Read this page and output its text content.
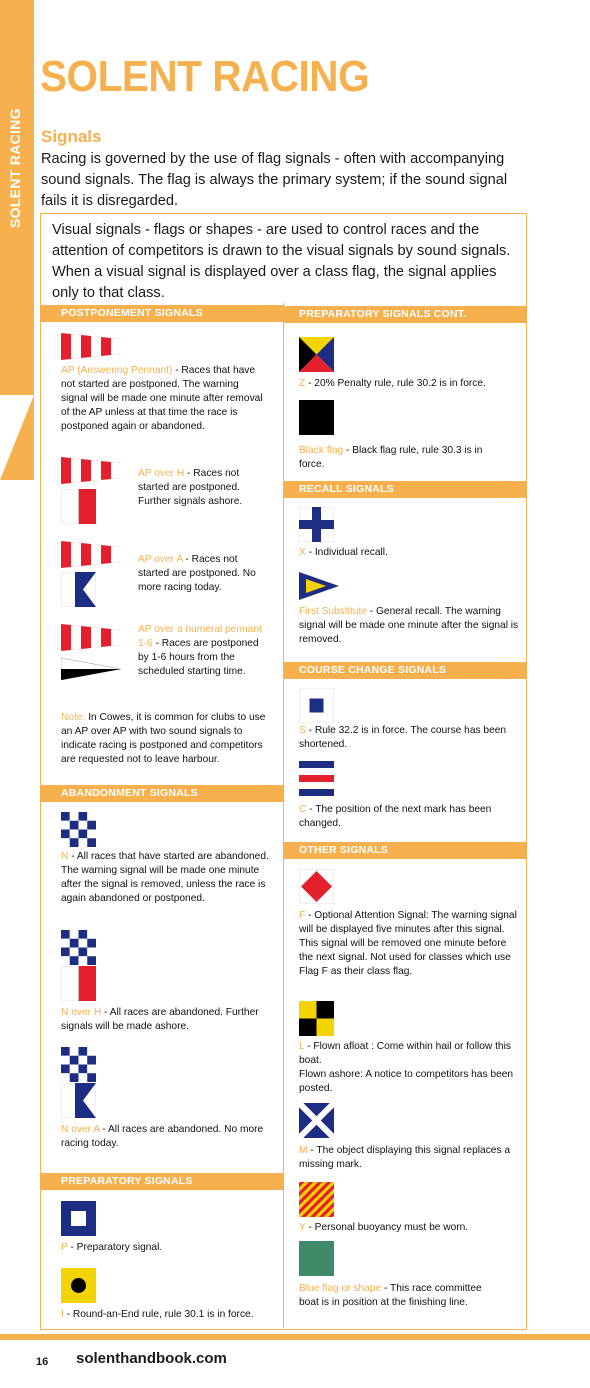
SOLENT RACING
SOLENT RACING
Signals
Racing is governed by the use of flag signals - often with accompanying sound signals. The flag is always the primary system; if the sound signal fails it is disregarded.
Visual signals - flags or shapes - are used to control races and the attention of competitors is drawn to the visual signals by sound signals. When a visual signal is displayed over a class flag, the signal applies only to that class.
POSTPONEMENT SIGNALS
AP (Answering Pennant) - Races that have not started are postponed. The warning signal will be made one minute after removal of the AP unless at that time the race is postponed again or abandoned.
AP over H - Races not started are postponed. Further signals ashore.
AP over A - Races not started are postponed. No more racing today.
AP over a numeral pennant 1-6 - Races are postponed by 1-6 hours from the scheduled starting time.
Note: In Cowes, it is common for clubs to use an AP over AP with two sound signals to indicate racing is postponed and competitors are requested not to leave harbour.
ABANDONMENT SIGNALS
N - All races that have started are abandoned. The warning signal will be made one minute after the signal is removed, unless the race is again abandoned or postponed.
N over H - All races are abandoned. Further signals will be made ashore.
N over A - All races are abandoned. No more racing today.
PREPARATORY SIGNALS
P - Preparatory signal.
I - Round-an-End rule, rule 30.1 is in force.
PREPARATORY SIGNALS CONT.
Z - 20% Penalty rule, rule 30.2 is in force.
Black flag - Black flag rule, rule 30.3 is in force.
RECALL SIGNALS
X - Individual recall.
First Substitute - General recall. The warning signal will be made one minute after the signal is removed.
COURSE CHANGE SIGNALS
S - Rule 32.2 is in force. The course has been shortened.
C - The position of the next mark has been changed.
OTHER SIGNALS
F - Optional Attention Signal: The warning signal will be displayed five minutes after this signal. This signal will be removed one minute before the next signal. Not used for classes which use Flag F as their class flag.
L - Flown afloat : Come within hail or follow this boat.
Flown ashore: A notice to competitors has been posted.
M - The object displaying this signal replaces a missing mark.
Y - Personal buoyancy must be worn.
Blue flag or shape - This race committee boat is in position at the finishing line.
16 solenthandbook.com
